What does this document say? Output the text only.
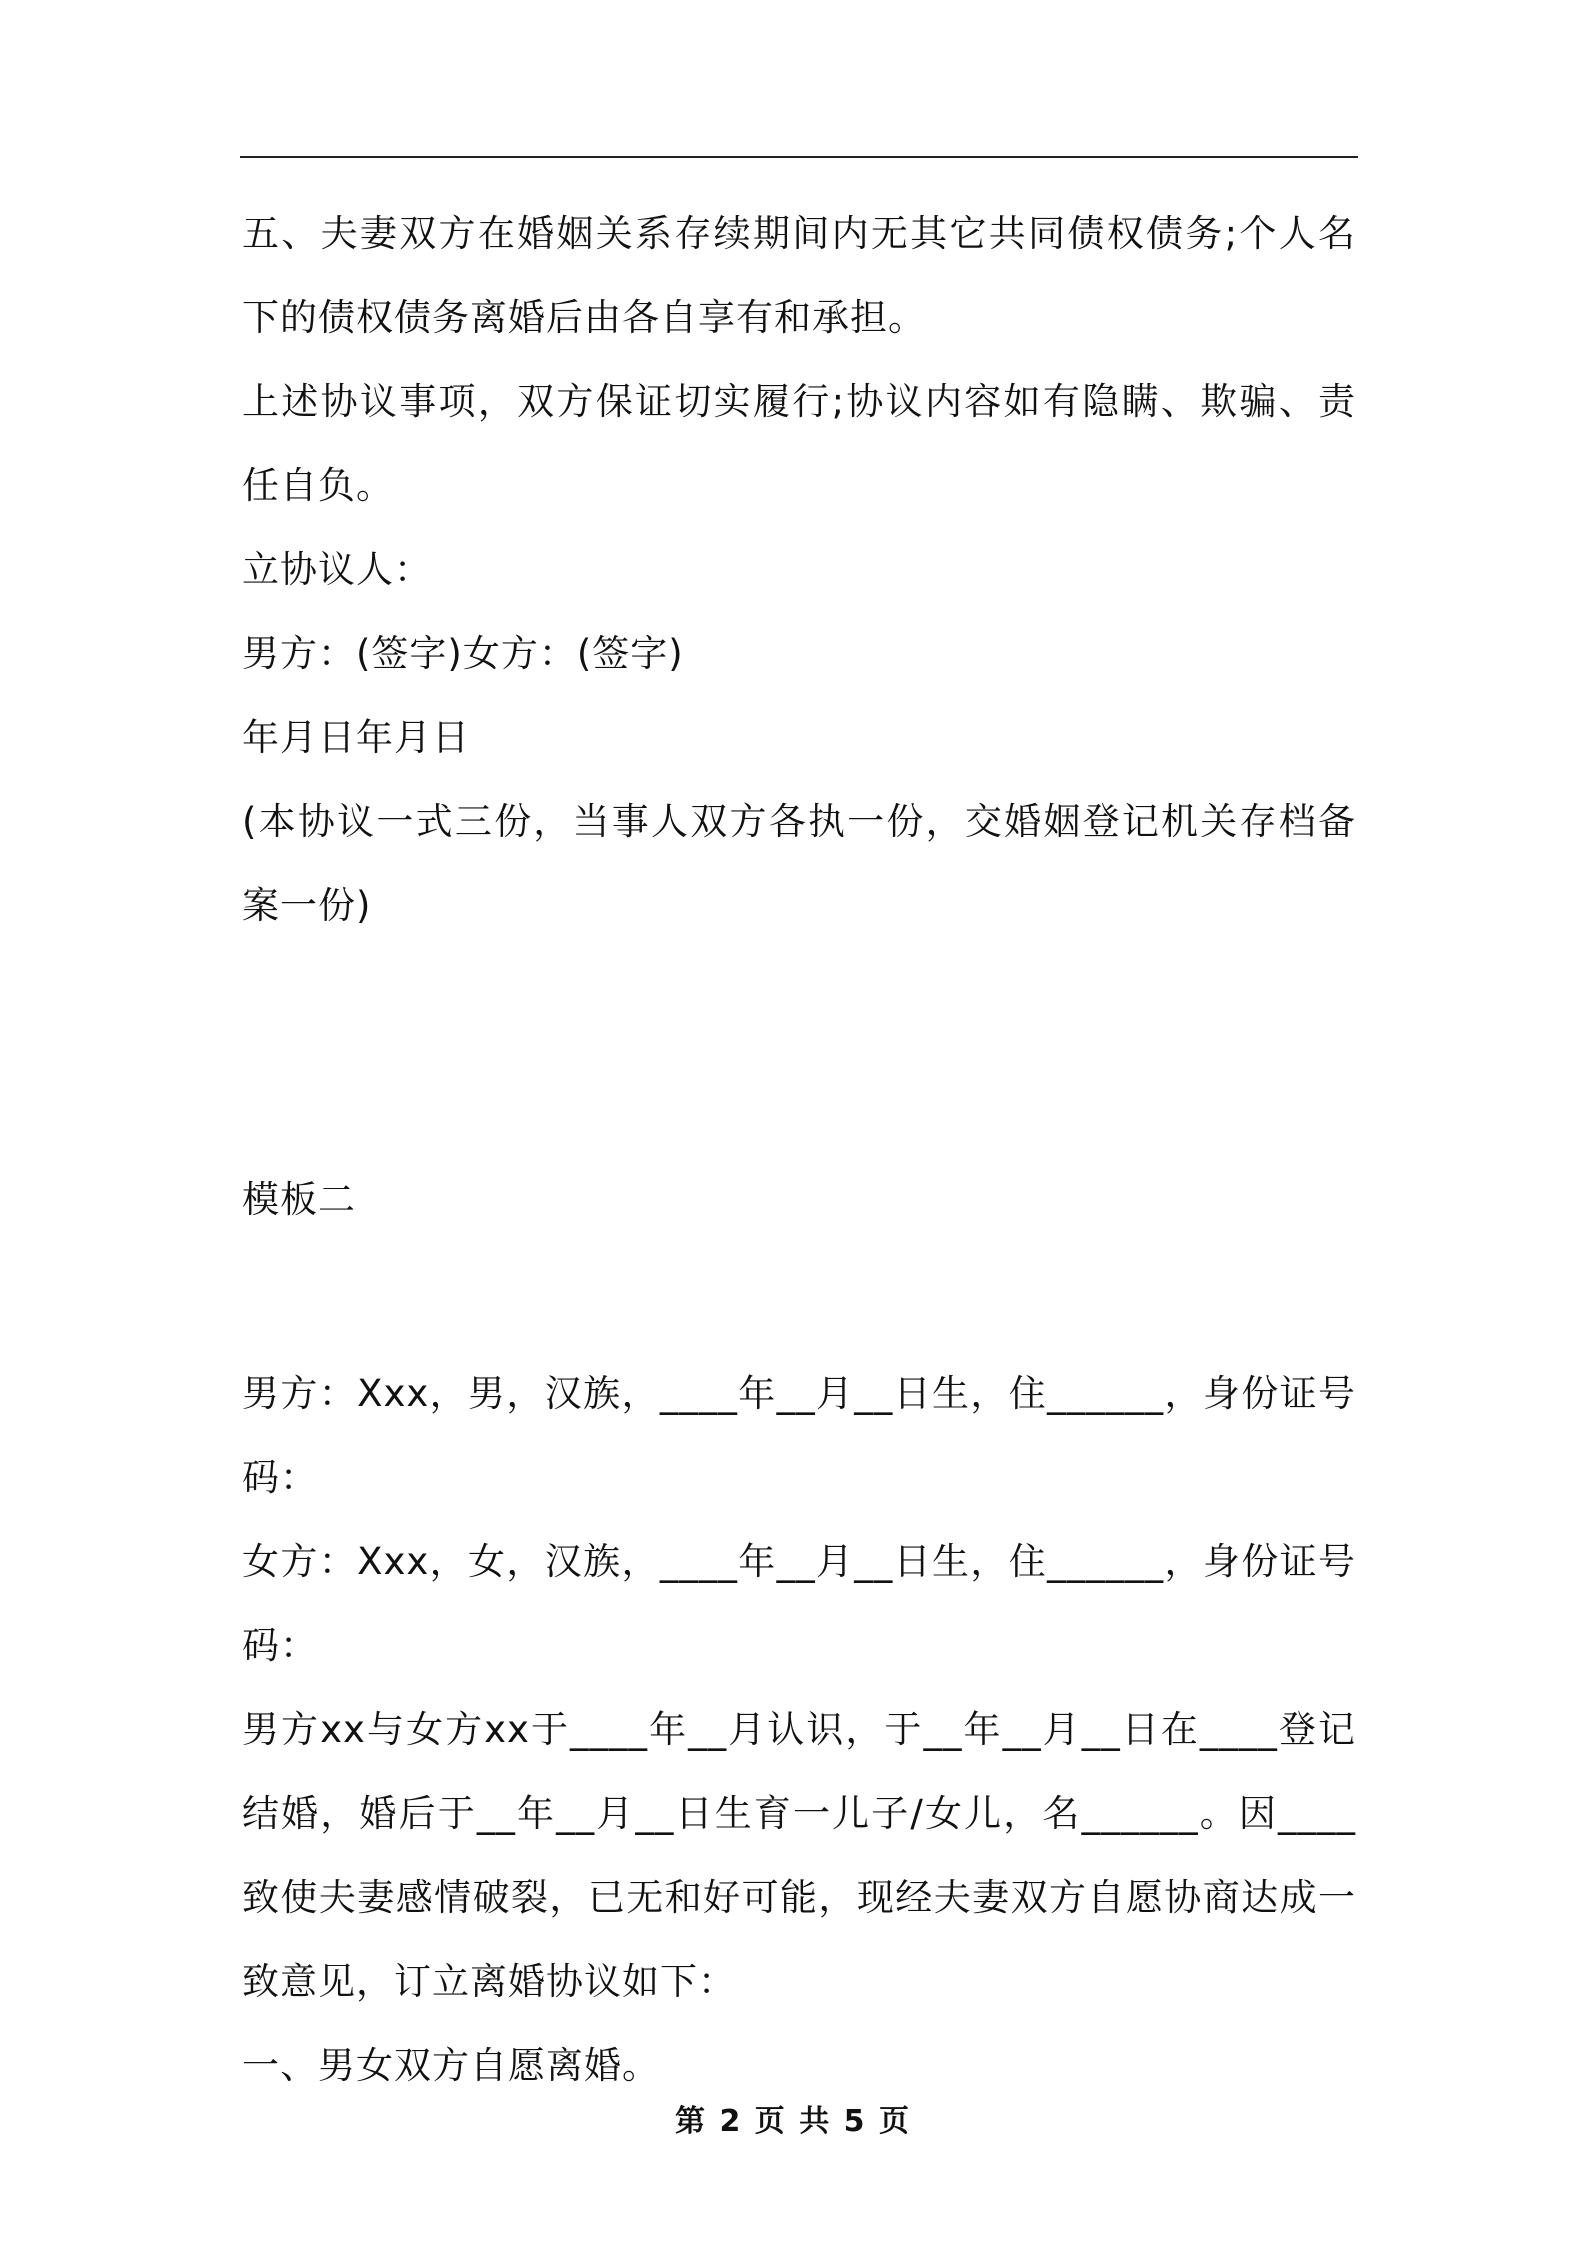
五、夫妻双方在婚姻关系存续期间内无其它共同债权债务;个人名下的债权债务离婚后由各自享有和承担。

上述协议事项，双方保证切实履行;协议内容如有隐瞒、欺骗、责任自负。

立协议人：

男方：(签字)女方：(签字)

年月日年月日

(本协议一式三份，当事人双方各执一份，交婚姻登记机关存档备案一份)

模板二

男方：Xxx，男，汉族，____年__月__日生，住______，身份证号码：

女方：Xxx，女，汉族，____年__月__日生，住______，身份证号码：

男方xx与女方xx于____年__月认识，于__年__月__日在____登记结婚，婚后于__年__月__日生育一儿子/女儿，名______。因____致使夫妻感情破裂，已无和好可能，现经夫妻双方自愿协商达成一致意见，订立离婚协议如下：

一、男女双方自愿离婚。

第 2 页 共 5 页
